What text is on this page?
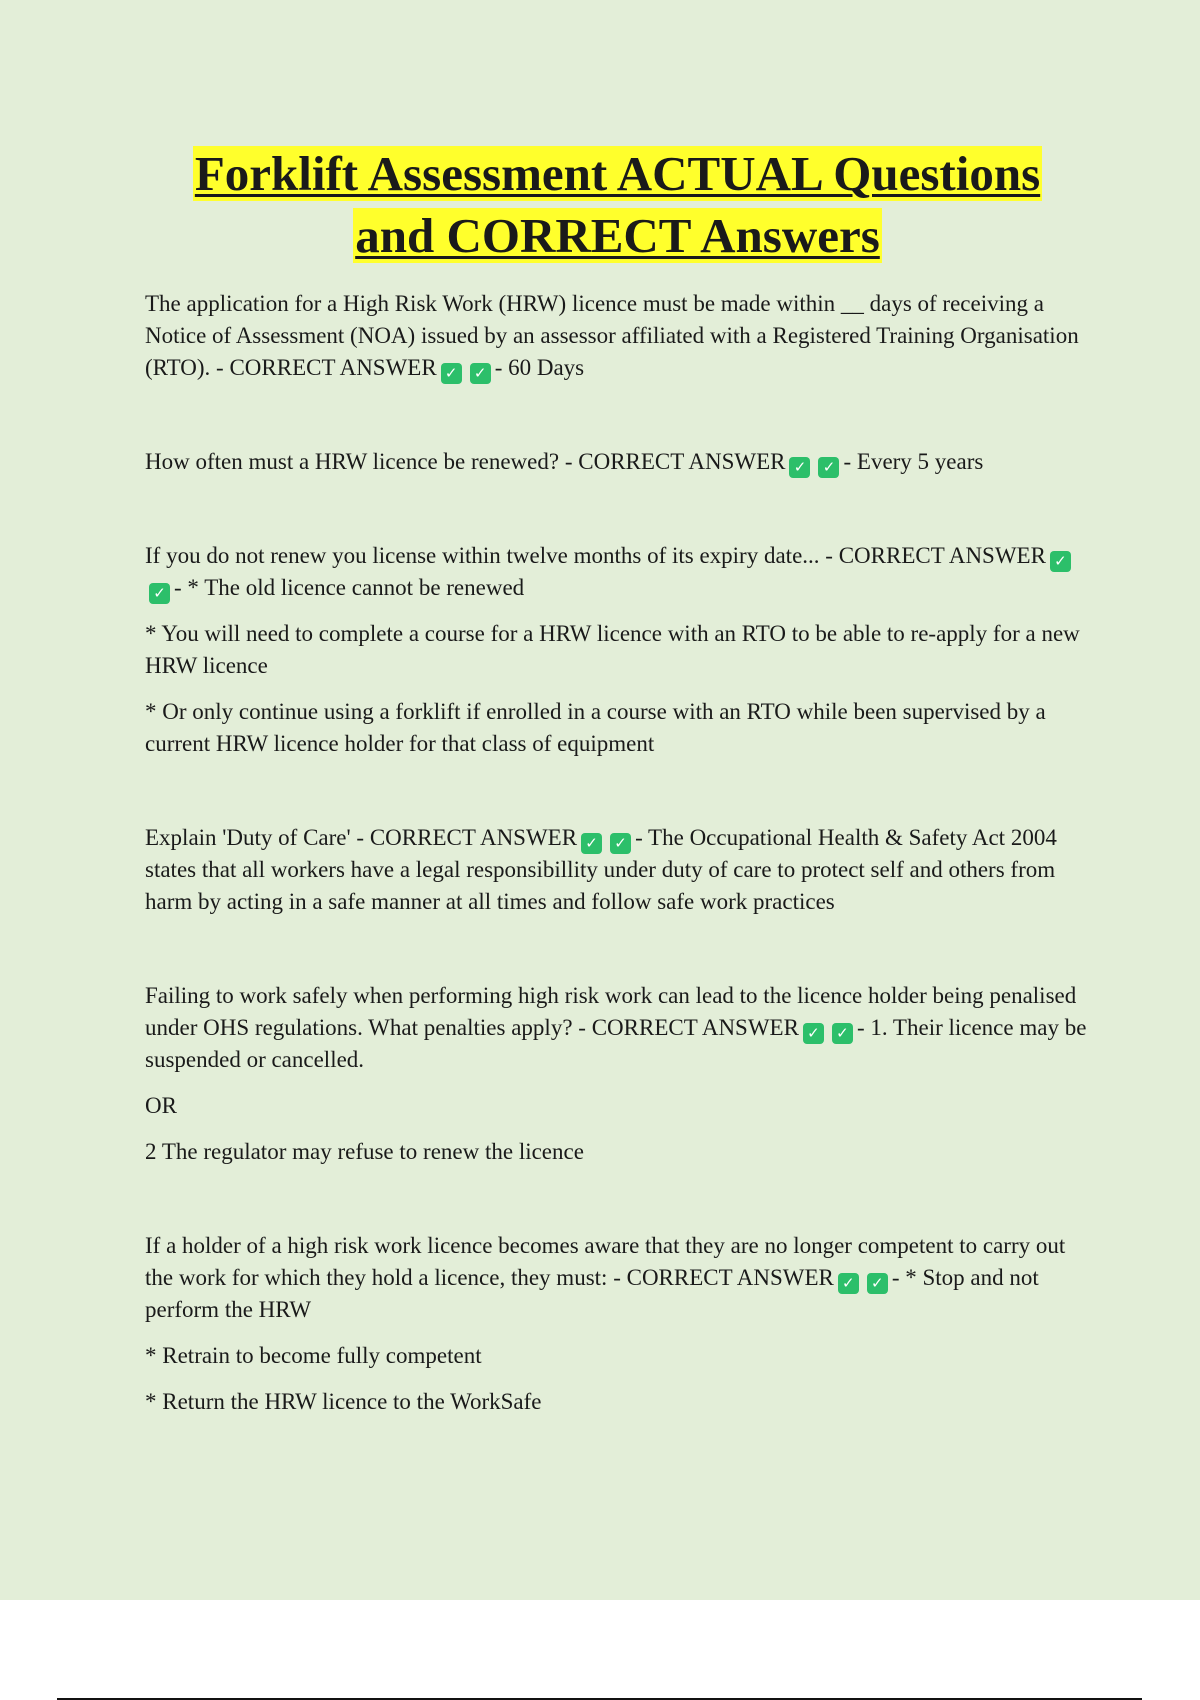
Forklift Assessment ACTUAL Questions
and CORRECT Answers

The application for a High Risk Work (HRW) licence must be made within __ days of receiving a Notice of Assessment (NOA) issued by an assessor affiliated with a Registered Training Organisation (RTO). - CORRECT ANSWER ✓ ✓ - 60 Days

How often must a HRW licence be renewed? - CORRECT ANSWER ✓ ✓ - Every 5 years

If you do not renew you license within twelve months of its expiry date... - CORRECT ANSWER ✓✓ - * The old licence cannot be renewed

* You will need to complete a course for a HRW licence with an RTO to be able to re-apply for a new HRW licence

* Or only continue using a forklift if enrolled in a course with an RTO while been supervised by a current HRW licence holder for that class of equipment

Explain 'Duty of Care' - CORRECT ANSWER ✓ ✓ - The Occupational Health & Safety Act 2004 states that all workers have a legal responsibillity under duty of care to protect self and others from harm by acting in a safe manner at all times and follow safe work practices

Failing to work safely when performing high risk work can lead to the licence holder being penalised under OHS regulations. What penalties apply? - CORRECT ANSWER ✓ ✓ - 1. Their licence may be suspended or cancelled.

OR

2 The regulator may refuse to renew the licence

If a holder of a high risk work licence becomes aware that they are no longer competent to carry out the work for which they hold a licence, they must: - CORRECT ANSWER ✓ ✓ - * Stop and not perform the HRW

* Retrain to become fully competent

* Return the HRW licence to the WorkSafe
